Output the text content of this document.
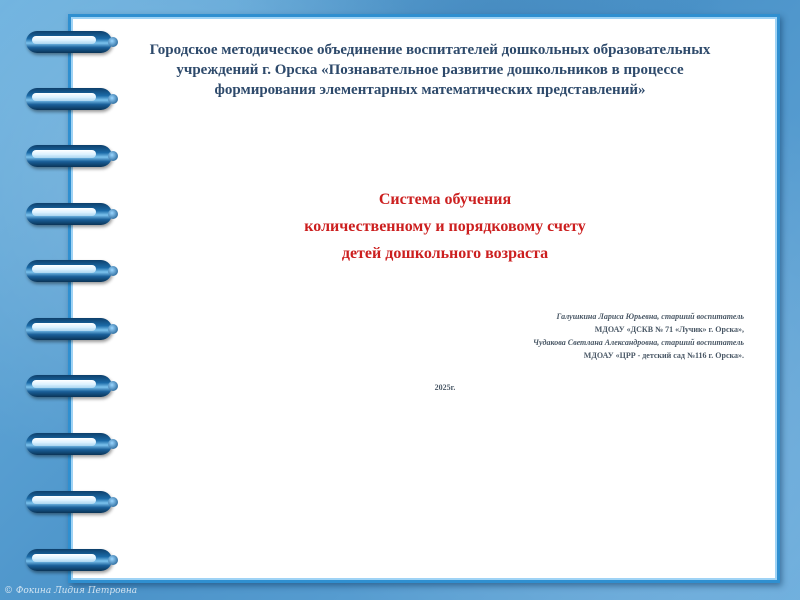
Городское методическое объединение воспитателей дошкольных образовательных
учреждений г. Орска «Познавательное развитие дошкольников в процессе
формирования элементарных математических представлений»
Система обучения
количественному и порядковому счету
детей дошкольного возраста
Галушкина Лариса Юрьевна, старший воспитатель
МДОАУ «ДСКВ № 71 «Лучик» г. Орска»,
Чудакова Светлана Александровна, старший воспитатель
МДОАУ «ЦРР - детский сад №116 г. Орска».
2025г.
© Фокина Лидия Петровна
